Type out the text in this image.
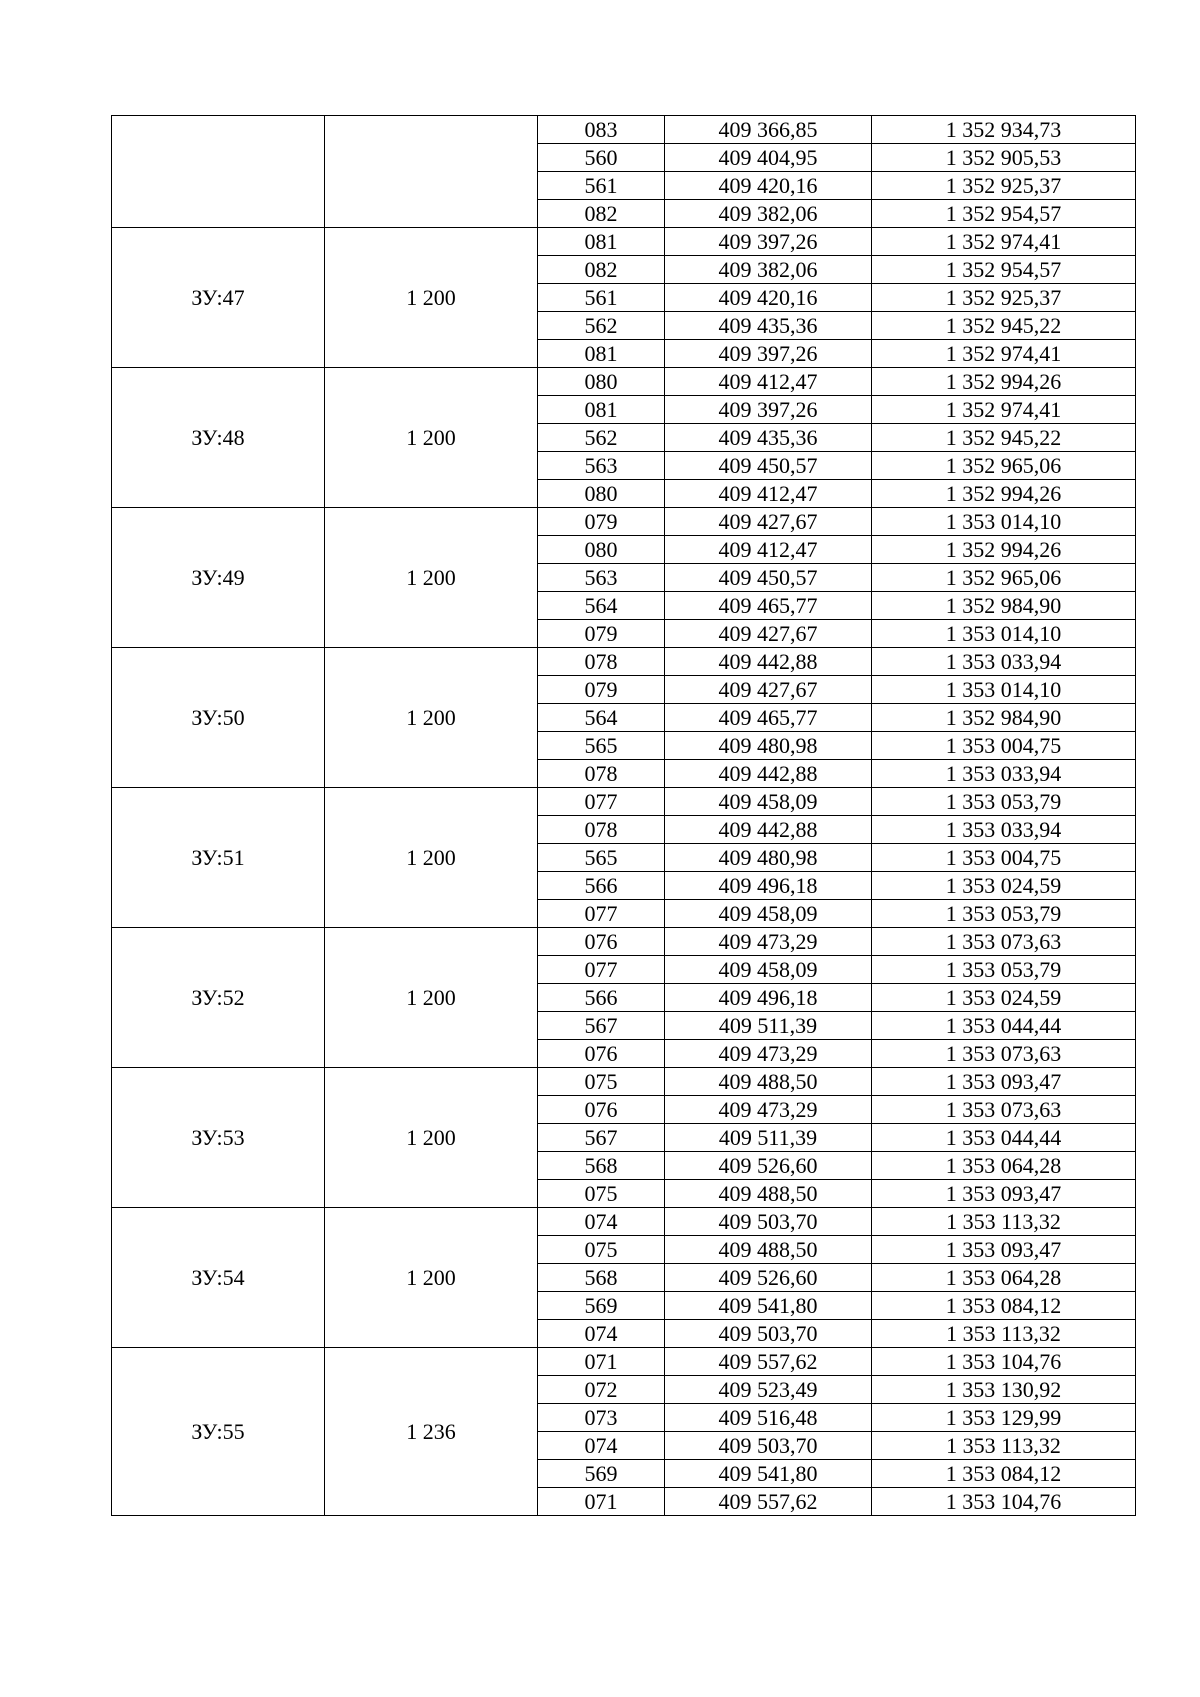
		083	409 366,85	1 352 934,73
		560	409 404,95	1 352 905,53
		561	409 420,16	1 352 925,37
		082	409 382,06	1 352 954,57
ЗУ:47	1 200	081	409 397,26	1 352 974,41
		082	409 382,06	1 352 954,57
		561	409 420,16	1 352 925,37
		562	409 435,36	1 352 945,22
		081	409 397,26	1 352 974,41
ЗУ:48	1 200	080	409 412,47	1 352 994,26
		081	409 397,26	1 352 974,41
		562	409 435,36	1 352 945,22
		563	409 450,57	1 352 965,06
		080	409 412,47	1 352 994,26
ЗУ:49	1 200	079	409 427,67	1 353 014,10
		080	409 412,47	1 352 994,26
		563	409 450,57	1 352 965,06
		564	409 465,77	1 352 984,90
		079	409 427,67	1 353 014,10
ЗУ:50	1 200	078	409 442,88	1 353 033,94
		079	409 427,67	1 353 014,10
		564	409 465,77	1 352 984,90
		565	409 480,98	1 353 004,75
		078	409 442,88	1 353 033,94
ЗУ:51	1 200	077	409 458,09	1 353 053,79
		078	409 442,88	1 353 033,94
		565	409 480,98	1 353 004,75
		566	409 496,18	1 353 024,59
		077	409 458,09	1 353 053,79
ЗУ:52	1 200	076	409 473,29	1 353 073,63
		077	409 458,09	1 353 053,79
		566	409 496,18	1 353 024,59
		567	409 511,39	1 353 044,44
		076	409 473,29	1 353 073,63
ЗУ:53	1 200	075	409 488,50	1 353 093,47
		076	409 473,29	1 353 073,63
		567	409 511,39	1 353 044,44
		568	409 526,60	1 353 064,28
		075	409 488,50	1 353 093,47
ЗУ:54	1 200	074	409 503,70	1 353 113,32
		075	409 488,50	1 353 093,47
		568	409 526,60	1 353 064,28
		569	409 541,80	1 353 084,12
		074	409 503,70	1 353 113,32
ЗУ:55	1 236	071	409 557,62	1 353 104,76
		072	409 523,49	1 353 130,92
		073	409 516,48	1 353 129,99
		074	409 503,70	1 353 113,32
		569	409 541,80	1 353 084,12
		071	409 557,62	1 353 104,76
